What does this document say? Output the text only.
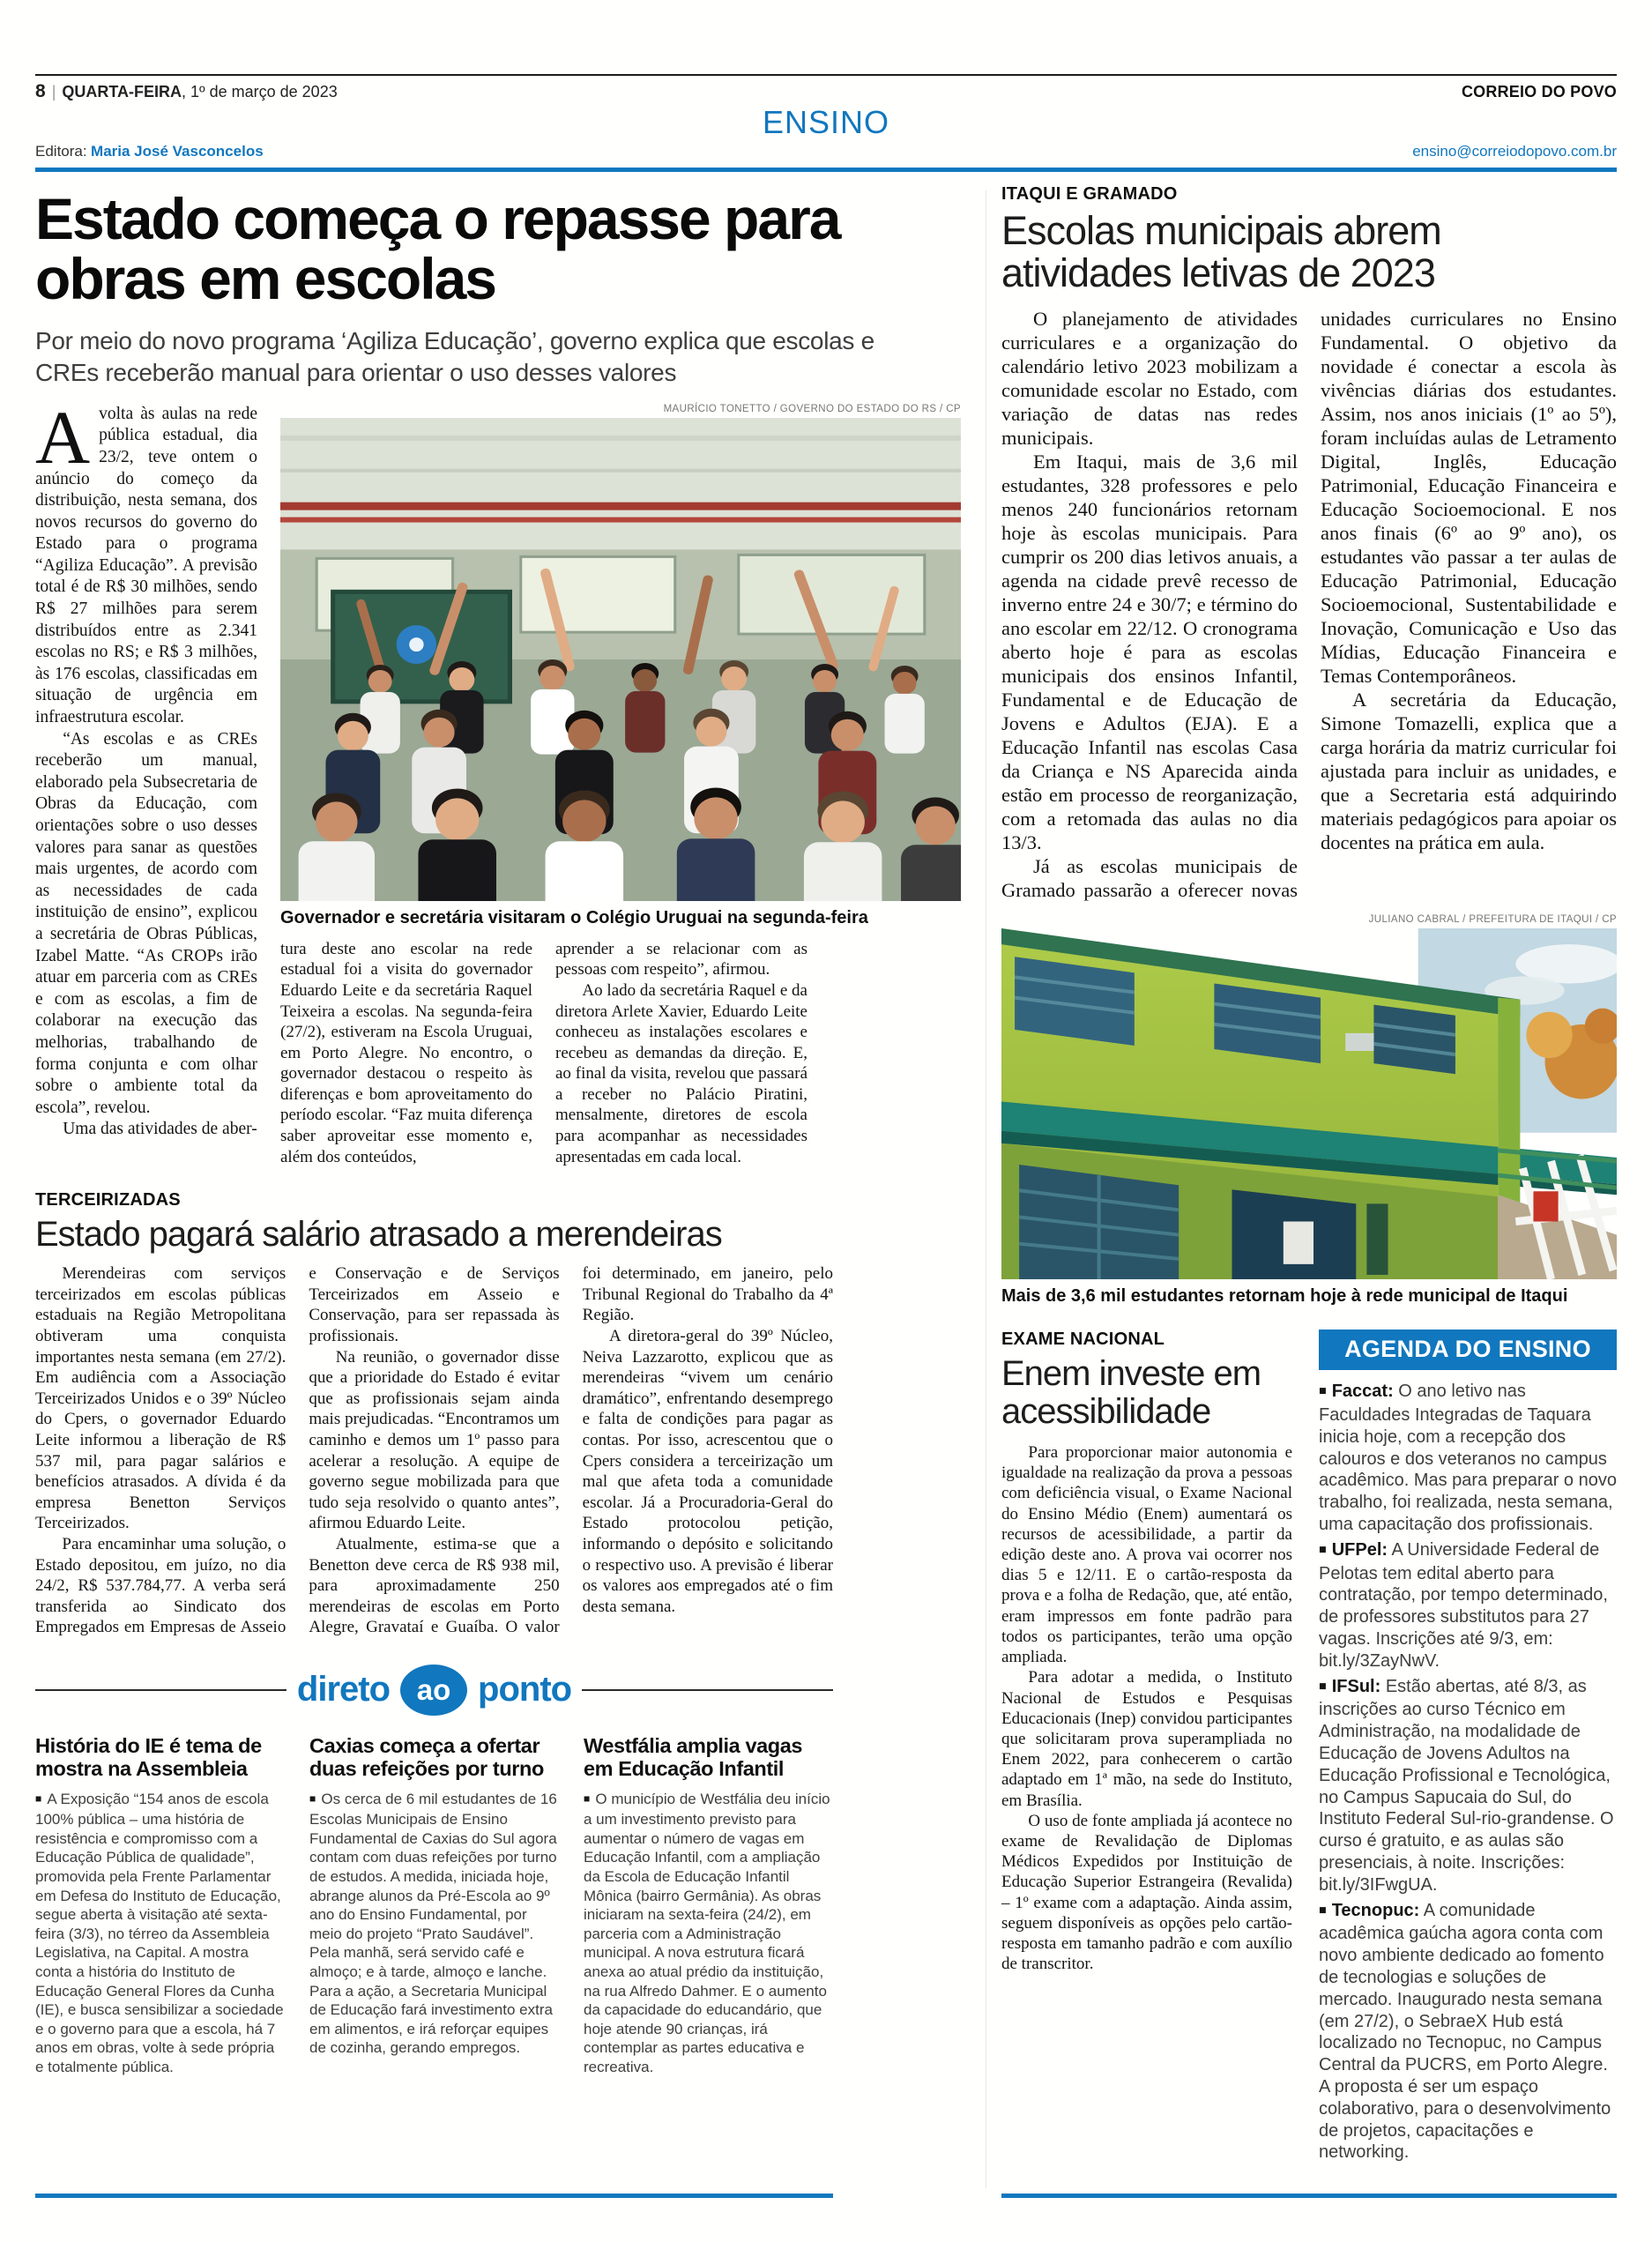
8 | QUARTA-FEIRA, 1º de março de 2023	CORREIO DO POVO
ENSINO
Editora: Maria José Vasconcelos	ensino@correiodopovo.com.br
Estado começa o repasse para obras em escolas

Por meio do novo programa ‘Agiliza Educação’, governo explica que escolas e CREs receberão manual para orientar o uso desses valores

Avolta às aulas na rede pública estadual, dia 23/2, teve ontem o anúncio do começo da distribuição, nesta semana, dos novos recursos do governo do Estado para o programa “Agiliza Educação”. A previsão total é de R$ 30 milhões, sendo R$ 27 milhões para serem distribuídos entre as 2.341 escolas no RS; e R$ 3 milhões, às 176 escolas, classificadas em situação de urgência em infraestrutura escolar.

“As escolas e as CREs receberão um manual, elaborado pela Subsecretaria de Obras da Educação, com orientações sobre o uso desses valores para sanar as questões mais urgentes, de acordo com as necessidades de cada instituição de ensino”, explicou a secretária de Obras Públicas, Izabel Matte. “As CROPs irão atuar em parceria com as CREs e com as escolas, a fim de colaborar na execução das melhorias, trabalhando de forma conjunta e com olhar sobre o ambiente total da escola”, revelou.

Uma das atividades de aber-

MAURÍCIO TONETTO / GOVERNO DO ESTADO DO RS / CP
Governador e secretária visitaram o Colégio Uruguai na segunda-feira

tura deste ano escolar na rede estadual foi a visita do governador Eduardo Leite e da secretária Raquel Teixeira a escolas. Na segunda-feira (27/2), estiveram na Escola Uruguai, em Porto Alegre. No encontro, o governador destacou o respeito às diferenças e bom aproveitamento do período escolar. “Faz muita diferença saber aproveitar esse momento e, além dos conteúdos,

aprender a se relacionar com as pessoas com respeito”, afirmou.

Ao lado da secretária Raquel e da diretora Arlete Xavier, Eduardo Leite conheceu as instalações escolares e recebeu as demandas da direção. E, ao final da visita, revelou que passará a receber no Palácio Piratini, mensalmente, diretores de escola para acompanhar as necessidades apresentadas em cada local.

TERCEIRIZADAS
Estado pagará salário atrasado a merendeiras

Merendeiras com serviços terceirizados em escolas públicas estaduais na Região Metropolitana obtiveram uma conquista importantes nesta semana (em 27/2). Em audiência com a Associação Terceirizados Unidos e o 39º Núcleo do Cpers, o governador Eduardo Leite informou a liberação de R$ 537 mil, para pagar salários e benefícios atrasados. A dívida é da empresa Benetton Serviços Terceirizados.

Para encaminhar uma solução, o Estado depositou, em juízo, no dia 24/2, R$ 537.784,77. A verba será transferida ao Sindicato dos Empregados em Empresas de Asseio e Conservação e de Serviços Terceirizados em Asseio e Conservação, para ser repassada às profissionais.

Na reunião, o governador disse que a prioridade do Estado é evitar que as profissionais sejam ainda mais prejudicadas. “Encontramos um caminho e demos um 1º passo para acelerar a resolução. A equipe de governo segue mobilizada para que tudo seja resolvido o quanto antes”, afirmou Eduardo Leite.

Atualmente, estima-se que a Benetton deve cerca de R$ 938 mil, para aproximadamente 250 merendeiras de escolas em Porto Alegre, Gravataí e Guaíba. O valor foi determinado, em janeiro, pelo Tribunal Regional do Trabalho da 4ª Região.

A diretora-geral do 39º Núcleo, Neiva Lazzarotto, explicou que as merendeiras “vivem um cenário dramático”, enfrentando desemprego e falta de condições para pagar as contas. Por isso, acrescentou que o Cpers considera a terceirização um mal que afeta toda a comunidade escolar. Já a Procuradoria-Geral do Estado protocolou petição, informando o depósito e solicitando o respectivo uso. A previsão é liberar os valores aos empregados até o fim desta semana.

direto ao ponto
História do IE é tema de mostra na Assembleia
■ A Exposição “154 anos de escola 100% pública – uma história de resistência e compromisso com a Educação Pública de qualidade”, promovida pela Frente Parlamentar em Defesa do Instituto de Educação, segue aberta à visitação até sexta-feira (3/3), no térreo da Assembleia Legislativa, na Capital. A mostra conta a história do Instituto de Educação General Flores da Cunha (IE), e busca sensibilizar a sociedade e o governo para que a escola, há 7 anos em obras, volte à sede própria e totalmente pública.
Caxias começa a ofertar duas refeições por turno
■ Os cerca de 6 mil estudantes de 16 Escolas Municipais de Ensino Fundamental de Caxias do Sul agora contam com duas refeições por turno de estudos. A medida, iniciada hoje, abrange alunos da Pré-Escola ao 9º ano do Ensino Fundamental, por meio do projeto “Prato Saudável”. Pela manhã, será servido café e almoço; e à tarde, almoço e lanche. Para a ação, a Secretaria Municipal de Educação fará investimento extra em alimentos, e irá reforçar equipes de cozinha, gerando empregos.
Westfália amplia vagas em Educação Infantil
■ O município de Westfália deu início a um investimento previsto para aumentar o número de vagas em Educação Infantil, com a ampliação da Escola de Educação Infantil Mônica (bairro Germânia). As obras iniciaram na sexta-feira (24/2), em parceria com a Administração municipal. A nova estrutura ficará anexa ao atual prédio da instituição, na rua Alfredo Dahmer. E o aumento da capacidade do educandário, que hoje atende 90 crianças, irá contemplar as partes educativa e recreativa.
ITAQUI E GRAMADO
Escolas municipais abrem atividades letivas de 2023

O planejamento de atividades curriculares e a organização do calendário letivo 2023 mobilizam a comunidade escolar no Estado, com variação de datas nas redes municipais.

Em Itaqui, mais de 3,6 mil estudantes, 328 professores e pelo menos 240 funcionários retornam hoje às escolas municipais. Para cumprir os 200 dias letivos anuais, a agenda na cidade prevê recesso de inverno entre 24 e 30/7; e término do ano escolar em 22/12. O cronograma aberto hoje é para as escolas municipais dos ensinos Infantil, Fundamental e de Educação de Jovens e Adultos (EJA). E a Educação Infantil nas escolas Casa da Criança e NS Aparecida ainda estão em processo de reorganização, com a retomada das aulas no dia 13/3.

Já as escolas municipais de Gramado passarão a oferecer novas unidades curriculares no Ensino Fundamental. O objetivo da novidade é conectar a escola às vivências diárias dos estudantes. Assim, nos anos iniciais (1º ao 5º), foram incluídas aulas de Letramento Digital, Inglês, Educação Patrimonial, Educação Financeira e Educação Socioemocional. E nos anos finais (6º ao 9º ano), os estudantes vão passar a ter aulas de Educação Patrimonial, Educação Socioemocional, Sustentabilidade e Inovação, Comunicação e Uso das Mídias, Educação Financeira e Temas Contemporâneos.

A secretária da Educação, Simone Tomazelli, explica que a carga horária da matriz curricular foi ajustada para incluir as unidades, e que a Secretaria está adquirindo materiais pedagógicos para apoiar os docentes na prática em aula.

JULIANO CABRAL / PREFEITURA DE ITAQUI / CP
Mais de 3,6 mil estudantes retornam hoje à rede municipal de Itaqui
EXAME NACIONAL
Enem investe em acessibilidade

Para proporcionar maior autonomia e igualdade na realização da prova a pessoas com deficiência visual, o Exame Nacional do Ensino Médio (Enem) aumentará os recursos de acessibilidade, a partir da edição deste ano. A prova vai ocorrer nos dias 5 e 12/11. E o cartão-resposta da prova e a folha de Redação, que, até então, eram impressos em fonte padrão para todos os participantes, terão uma opção ampliada.

Para adotar a medida, o Instituto Nacional de Estudos e Pesquisas Educacionais (Inep) convidou participantes que solicitaram prova superampliada no Enem 2022, para conhecerem o cartão adaptado em 1ª mão, na sede do Instituto, em Brasília.

O uso de fonte ampliada já acontece no exame de Revalidação de Diplomas Médicos Expedidos por Instituição de Educação Superior Estrangeira (Revalida) – 1º exame com a adaptação. Ainda assim, seguem disponíveis as opções pelo cartão-resposta em tamanho padrão e com auxílio de transcritor.

AGENDA DO ENSINO

■ Faccat: O ano letivo nas Faculdades Integradas de Taquara inicia hoje, com a recepção dos calouros e dos veteranos no campus acadêmico. Mas para preparar o novo trabalho, foi realizada, nesta semana, uma capacitação dos profissionais.

■ UFPel: A Universidade Federal de Pelotas tem edital aberto para contratação, por tempo determinado, de professores substitutos para 27 vagas. Inscrições até 9/3, em: bit.ly/3ZayNwV.

■ IFSul: Estão abertas, até 8/3, as inscrições ao curso Técnico em Administração, na modalidade de Educação de Jovens Adultos na Educação Profissional e Tecnológica, no Campus Sapucaia do Sul, do Instituto Federal Sul-rio-grandense. O curso é gratuito, e as aulas são presenciais, à noite. Inscrições: bit.ly/3IFwgUA.

■ Tecnopuc: A comunidade acadêmica gaúcha agora conta com novo ambiente dedicado ao fomento de tecnologias e soluções de mercado. Inaugurado nesta semana (em 27/2), o SebraeX Hub está localizado no Tecnopuc, no Campus Central da PUCRS, em Porto Alegre. A proposta é ser um espaço colaborativo, para o desenvolvimento de projetos, capacitações e networking.
